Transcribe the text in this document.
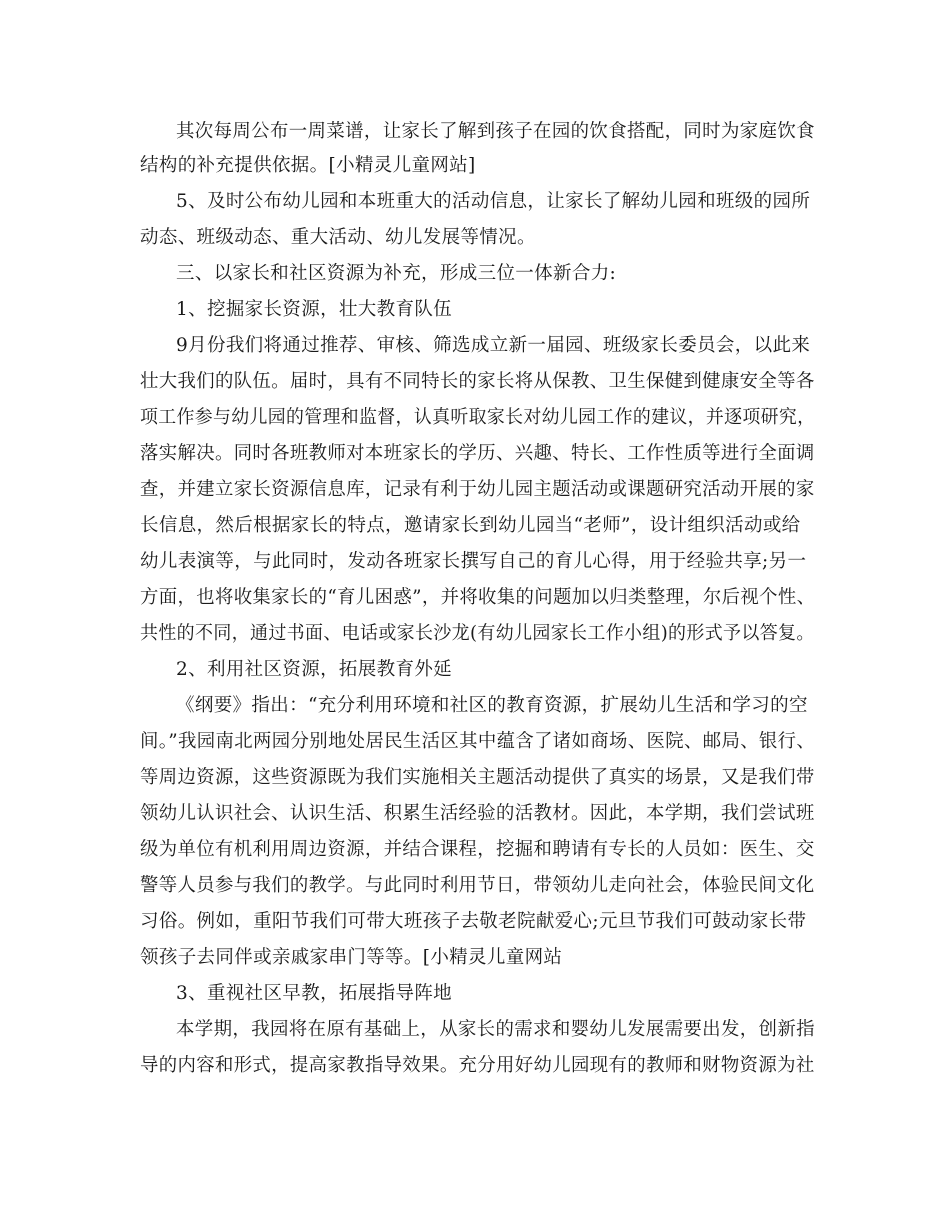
其次每周公布一周菜谱，让家长了解到孩子在园的饮食搭配，同时为家庭饮食
结构的补充提供依据。[小精灵儿童网站]
5、及时公布幼儿园和本班重大的活动信息，让家长了解幼儿园和班级的园所
动态、班级动态、重大活动、幼儿发展等情况。
三、以家长和社区资源为补充，形成三位一体新合力:
1、挖掘家长资源，壮大教育队伍
9月份我们将通过推荐、审核、筛选成立新一届园、班级家长委员会，以此来
壮大我们的队伍。届时，具有不同特长的家长将从保教、卫生保健到健康安全等各
项工作参与幼儿园的管理和监督，认真听取家长对幼儿园工作的建议，并逐项研究，
落实解决。同时各班教师对本班家长的学历、兴趣、特长、工作性质等进行全面调
查，并建立家长资源信息库，记录有利于幼儿园主题活动或课题研究活动开展的家
长信息，然后根据家长的特点，邀请家长到幼儿园当“老师”，设计组织活动或给
幼儿表演等，与此同时，发动各班家长撰写自己的育儿心得，用于经验共享;另一
方面，也将收集家长的“育儿困惑”，并将收集的问题加以归类整理，尔后视个性、
共性的不同，通过书面、电话或家长沙龙(有幼儿园家长工作小组)的形式予以答复。
2、利用社区资源，拓展教育外延
《纲要》指出：“充分利用环境和社区的教育资源，扩展幼儿生活和学习的空
间。”我园南北两园分别地处居民生活区其中蕴含了诸如商场、医院、邮局、银行、
等周边资源，这些资源既为我们实施相关主题活动提供了真实的场景，又是我们带
领幼儿认识社会、认识生活、积累生活经验的活教材。因此，本学期，我们尝试班
级为单位有机利用周边资源，并结合课程，挖掘和聘请有专长的人员如：医生、交
警等人员参与我们的教学。与此同时利用节日，带领幼儿走向社会，体验民间文化
习俗。例如，重阳节我们可带大班孩子去敬老院献爱心;元旦节我们可鼓动家长带
领孩子去同伴或亲戚家串门等等。[小精灵儿童网站
3、重视社区早教，拓展指导阵地
本学期，我园将在原有基础上，从家长的需求和婴幼儿发展需要出发，创新指
导的内容和形式，提高家教指导效果。充分用好幼儿园现有的教师和财物资源为社
